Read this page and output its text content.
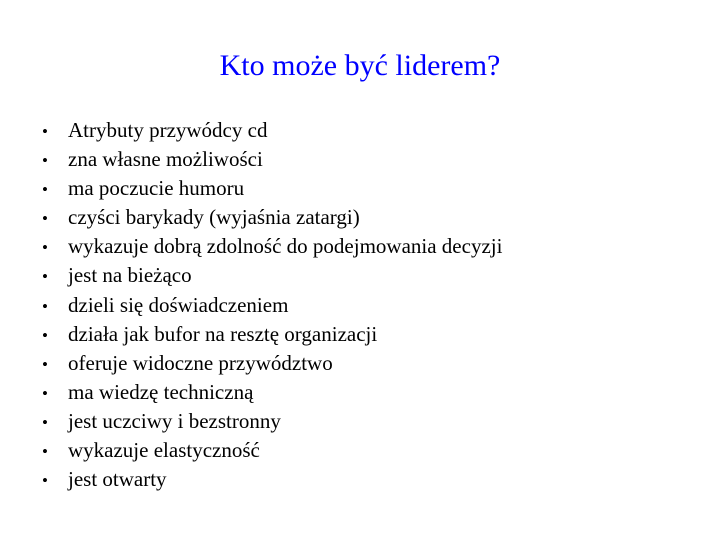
Kto może być liderem?
• Atrybuty przywódcy cd
• zna własne możliwości
• ma poczucie humoru
• czyści barykady (wyjaśnia zatargi)
• wykazuje dobrą zdolność do podejmowania decyzji
• jest na bieżąco
• dzieli się doświadczeniem
• działa jak bufor na resztę organizacji
• oferuje widoczne przywództwo
• ma wiedzę techniczną
• jest uczciwy i bezstronny
• wykazuje elastyczność
• jest otwarty
